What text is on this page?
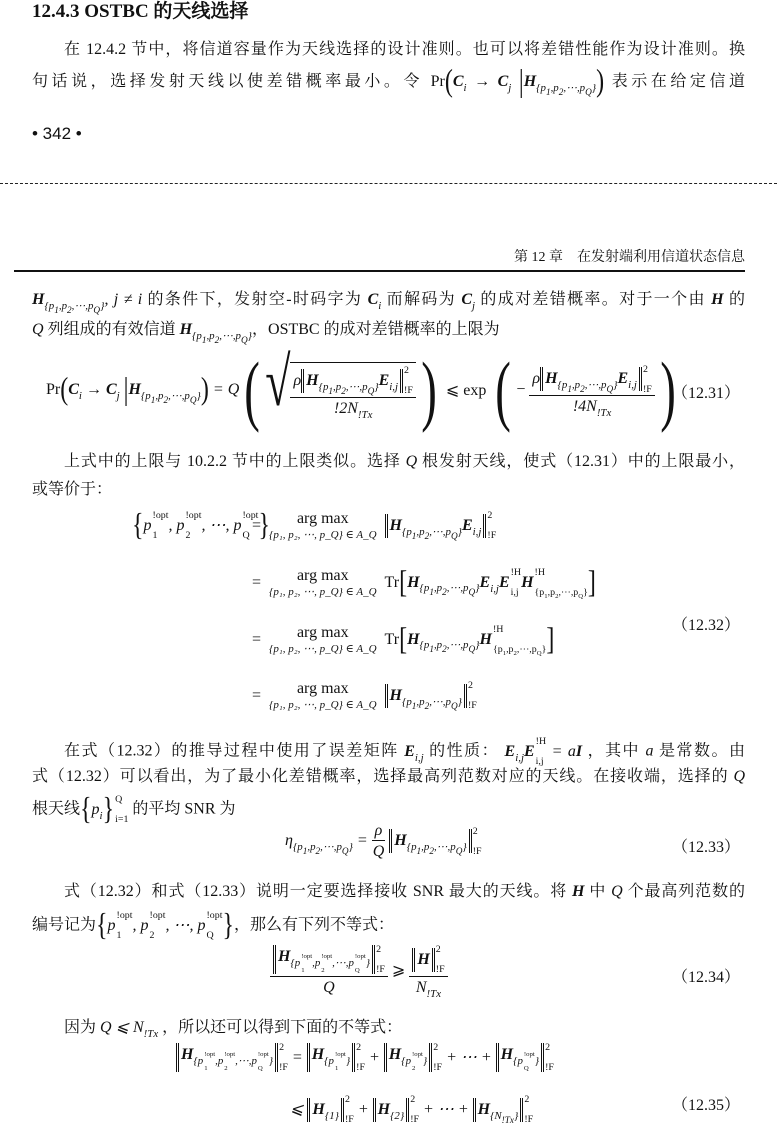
12.4.3 OSTBC 的天线选择
在 12.4.2 节中，将信道容量作为天线选择的设计准则。也可以将差错性能作为设计准则。换
句话说，选择发射天线以使差错概率最小。令 $Pr(C_i \to C_j$ $|H_{\{p_1,p_2,\cdots,p_Q\}}$) 表示在给定信道
• 342 •
第 12 章　在发射端利用信道状态信息
$H_{\{p_1,p_2,\cdots,p_Q\}}$, j ≠ i 的条件下，发射空-时码字为 $C_i$ 而解码为 $C_j$ 的成对差错概率。对于一个由 H 的
Q 列组成的有效信道 $H_{\{p_1,p_2,\cdots,p_Q\}}$，OSTBC 的成对差错概率的上限为
$Pr(C_i \to C_j$ $|H_{\{p_1,p_2,\cdots,p_Q\}}) = Q$ ( √ ρ $H_{\{p_1,p_2,\cdots,p_Q\}}E_{i,j}$
2
!F
$!2N_{!Tx}$ ) ⩽ exp ( − ρ $H_{\{p_1,p_2,\cdots,p_Q\}}E_{i,j}$
2
!F
$!4N_{!Tx}$ )
（12.31）
上式中的上限与 10.2.2 节中的上限类似。选择 Q 根发射天线，使式（12.31）中的上限最小，
或等价于：
{p
!opt
1
, p
!opt
2
, ⋯, p
!opt
Q }
= arg max
{p₁, p₂, ⋯, p_Q} ∈ A_Q
$H_{\{p_1,p_2,\cdots,p_Q\}}E_{i,j}$
2
!F
= arg max
{p₁, p₂, ⋯, p_Q} ∈ A_Q
$Tr[H_{\{p_1,p_2,\cdots,p_Q\}}E_{i,j}E$
!H
i,j
H
!H
$\{p_1,p_2,\cdots,p_Q\}$ ]
= arg max
{p₁, p₂, ⋯, p_Q} ∈ A_Q
$Tr[H_{\{p_1,p_2,\cdots,p_Q\}}H$
!H
$\{p_1,p_2,\cdots,p_Q\}$ ]
= arg max
{p₁, p₂, ⋯, p_Q} ∈ A_Q
$H_{\{p_1,p_2,\cdots,p_Q\}}$
2
!F
（12.32）
在式（12.32）的推导过程中使用了误差矩阵 $E_{i,j}$ 的性质： $E_{i,j}E$
!H
i,j
= aI ，其中 a 是常数。由
式（12.32）可以看出，为了最小化差错概率，选择最高列范数对应的天线。在接收端，选择的 Q
根天线$\{p_i\}$ Q
i=1
的平均 SNR 为
$\eta_{\{p_1,p_2,\cdots,p_Q\}} = \frac{\rho}{Q} H_{\{p_1,p_2,\cdots,p_Q\}}$
2
!F	（12.33）
式（12.32）和式（12.33）说明一定要选择接收 SNR 最大的天线。将 H 中 Q 个最高列范数的
编号记为{p
!opt
1
, p
!opt
2
, ⋯, p
!opt
Q }，那么有下列不等式：
$H_{\{p !opt 1 ,p !opt 2 ,\cdots,p !opt Q \}}$
2
!F
Q ⩾ H
2
!F
$N_{!Tx}$	（12.34）
因为 Q ⩽ $N_{!Tx}$ ，所以还可以得到下面的不等式：
$H_{\{p !opt 1 ,p !opt 2 ,\cdots,p !opt Q \}}$
2
!F
= $H_{\{p !opt 1 \}}$
2
!F
+ $H_{\{p !opt 2 \}}$
2
!F
+ ⋯ + $H_{\{p !opt Q \}}$
2
!F
⩽ $H_{\{1\}}$
2
!F
+ $H_{\{2\}}$
2
!F
+ ⋯ + $H_{\{N_{!Tx}\}}$
2
!F
（12.35）
